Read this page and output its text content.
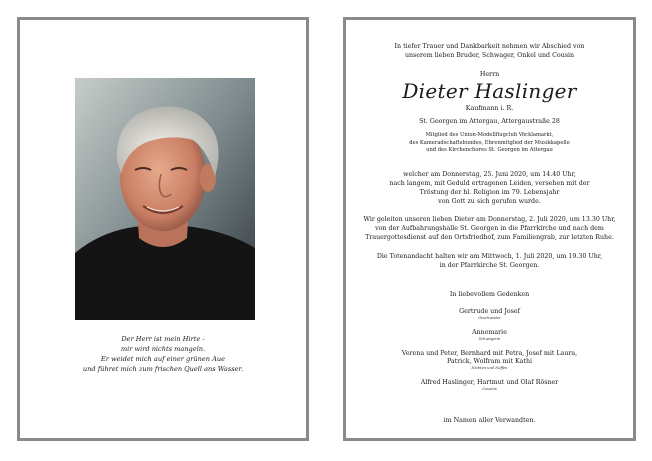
Der Herr ist mein Hirte -
mir wird nichts mangeln.
Er weidet mich auf einer grünen Aue
und führet mich zum frischen Quell ans Wasser.
In tiefer Trauer und Dankbarkeit nehmen wir Abschied von
unserem lieben Bruder, Schwager, Onkel und Cousin
Herrn
Dieter Haslinger
Kaufmann i. R.
St. Georgen im Attergau, Attergaustraße 28
Mitglied des Union-Modellflugclub Vöcklamarkt,
des Kameradschaftsbundes, Ehrenmitglied der Musikkapelle
und des Kirchenchores St. Georgen im Attergau
welcher am Donnerstag, 25. Juni 2020, um 14.40 Uhr,
nach langem, mit Geduld ertragenen Leiden, versehen mit der
Tröstung der hl. Religion im 79. Lebensjahr
von Gott zu sich gerufen wurde.
Wir geleiten unseren lieben Dieter am Donnerstag, 2. Juli 2020, um 13.30 Uhr,
von der Aufbahrungshalle St. Georgen in die Pfarrkirche und nach dem
Trauergottesdienst auf den Ortsfriedhof, zum Familiengrab, zur letzten Ruhe.
Die Totenandacht halten wir am Mittwoch, 1. Juli 2020, um 19.30 Uhr,
in der Pfarrkirche St. Georgen.
In liebevollem Gedenken
Gertrude und Josef
Geschwister
Annemarie
Schwägerin
Verena und Peter, Bernhard mit Petra, Josef mit Laura,
Patrick, Wolfram mit Kathi
Nichten und Neffen
Alfred Haslinger, Hartmut und Olaf Rösner
Cousins
im Namen aller Verwandten.
